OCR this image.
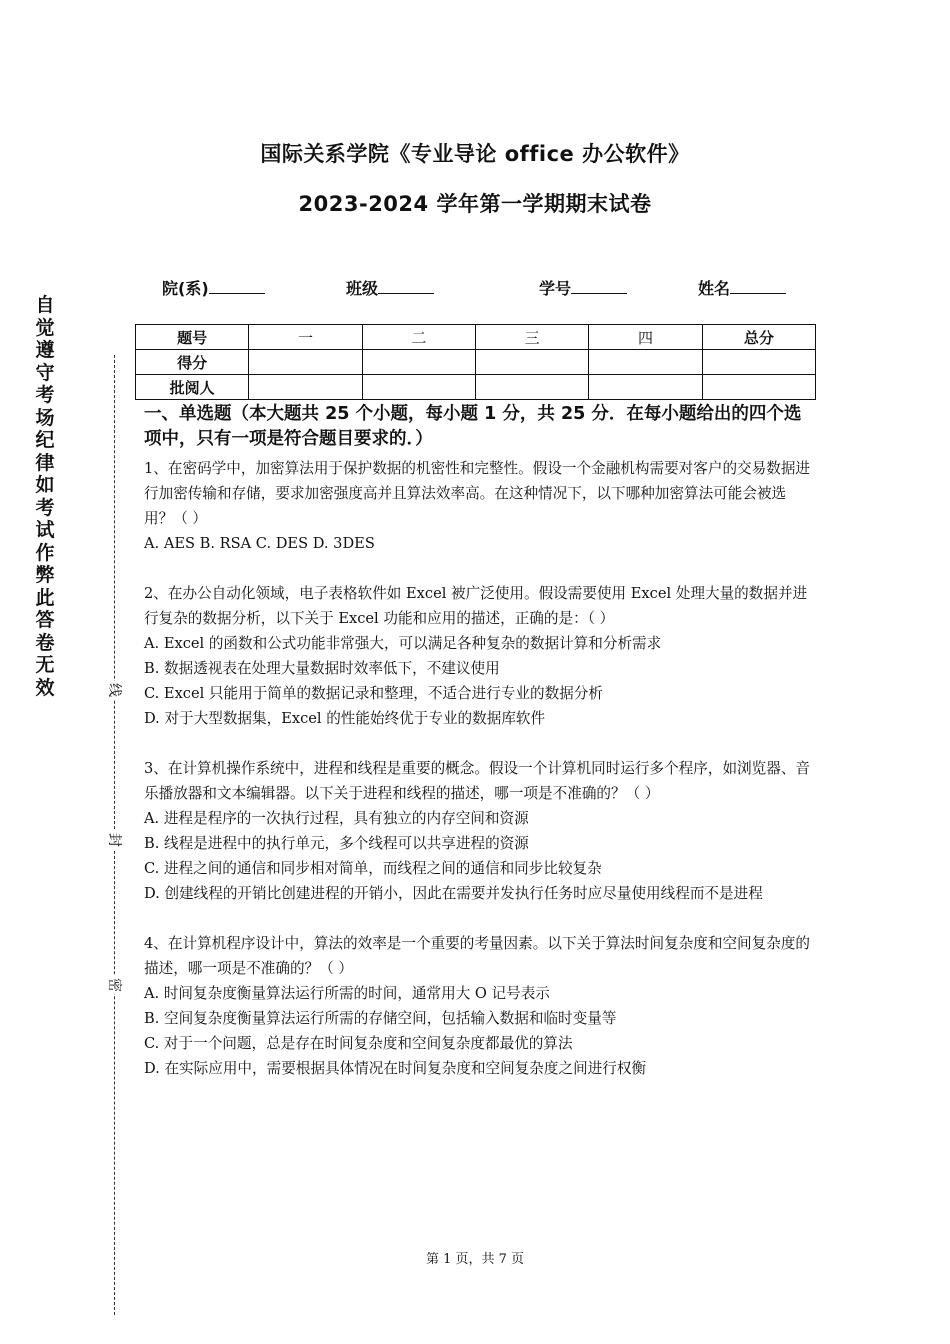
国际关系学院《专业导论 office 办公软件》
2023-2024 学年第一学期期末试卷
院(系)	班级	学号	姓名
题号	一	二	三	四	总分
得分					
批阅人					
自
觉
遵
守
考
场
纪
律
如
考
试
作
弊
此
答
卷
无
效	线
封
密

一、单选题（本大题共 25 个小题，每小题 1 分，共 25 分．在每小题给出的四个选项中，只有一项是符合题目要求的．）

1、在密码学中，加密算法用于保护数据的机密性和完整性。假设一个金融机构需要对客户的交易数据进行加密传输和存储，要求加密强度高并且算法效率高。在这种情况下，以下哪种加密算法可能会被选用？（ ）

A. AES B. RSA C. DES D. 3DES

2、在办公自动化领域，电子表格软件如 Excel 被广泛使用。假设需要使用 Excel 处理大量的数据并进行复杂的数据分析，以下关于 Excel 功能和应用的描述，正确的是：（ ）

A. Excel 的函数和公式功能非常强大，可以满足各种复杂的数据计算和分析需求

B. 数据透视表在处理大量数据时效率低下，不建议使用

C. Excel 只能用于简单的数据记录和整理，不适合进行专业的数据分析

D. 对于大型数据集，Excel 的性能始终优于专业的数据库软件

3、在计算机操作系统中，进程和线程是重要的概念。假设一个计算机同时运行多个程序，如浏览器、音乐播放器和文本编辑器。以下关于进程和线程的描述，哪一项是不准确的？（ ）

A. 进程是程序的一次执行过程，具有独立的内存空间和资源

B. 线程是进程中的执行单元，多个线程可以共享进程的资源

C. 进程之间的通信和同步相对简单，而线程之间的通信和同步比较复杂

D. 创建线程的开销比创建进程的开销小，因此在需要并发执行任务时应尽量使用线程而不是进程

4、在计算机程序设计中，算法的效率是一个重要的考量因素。以下关于算法时间复杂度和空间复杂度的描述，哪一项是不准确的？（ ）

A. 时间复杂度衡量算法运行所需的时间，通常用大 O 记号表示

B. 空间复杂度衡量算法运行所需的存储空间，包括输入数据和临时变量等

C. 对于一个问题，总是存在时间复杂度和空间复杂度都最优的算法

D. 在实际应用中，需要根据具体情况在时间复杂度和空间复杂度之间进行权衡

第 1 页，共 7 页
